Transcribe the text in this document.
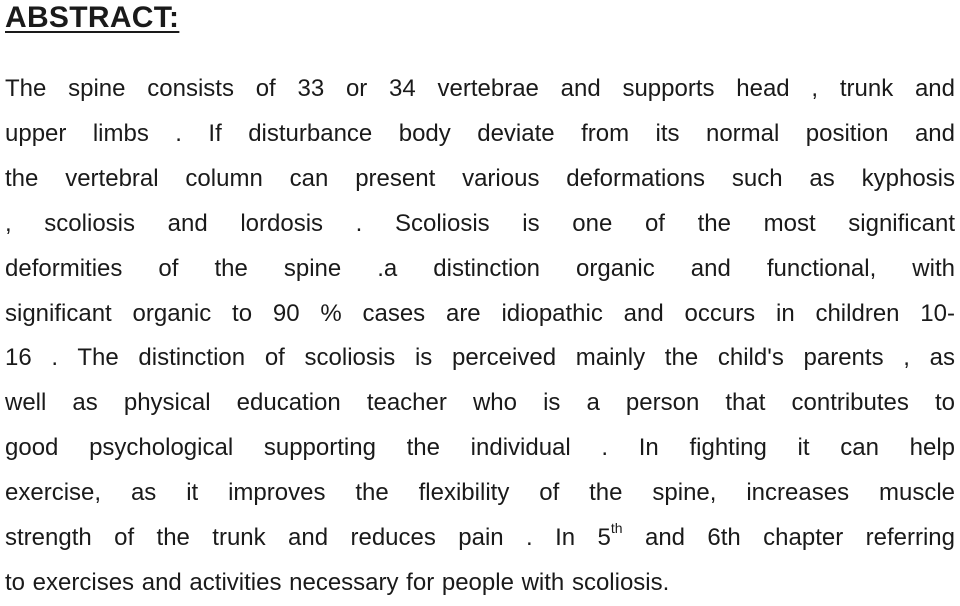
ABSTRACT:
The spine consists of 33 or 34 vertebrae and supports head , trunk and
upper limbs . If disturbance body deviate from its normal position and
the vertebral column can present various deformations such as kyphosis
, scoliosis and lordosis . Scoliosis is one of the most significant
deformities of the spine .a distinction organic and functional, with
significant organic to 90 % cases are idiopathic and occurs in children 10-
16 . The distinction of scoliosis is perceived mainly the child's parents , as
well as physical education teacher who is a person that contributes to
good psychological supporting the individual . In fighting it can help
exercise, as it improves the flexibility of the spine, increases muscle
strength of the trunk and reduces pain . In 5th and 6th chapter referring
to exercises and activities necessary for people with scoliosis.
